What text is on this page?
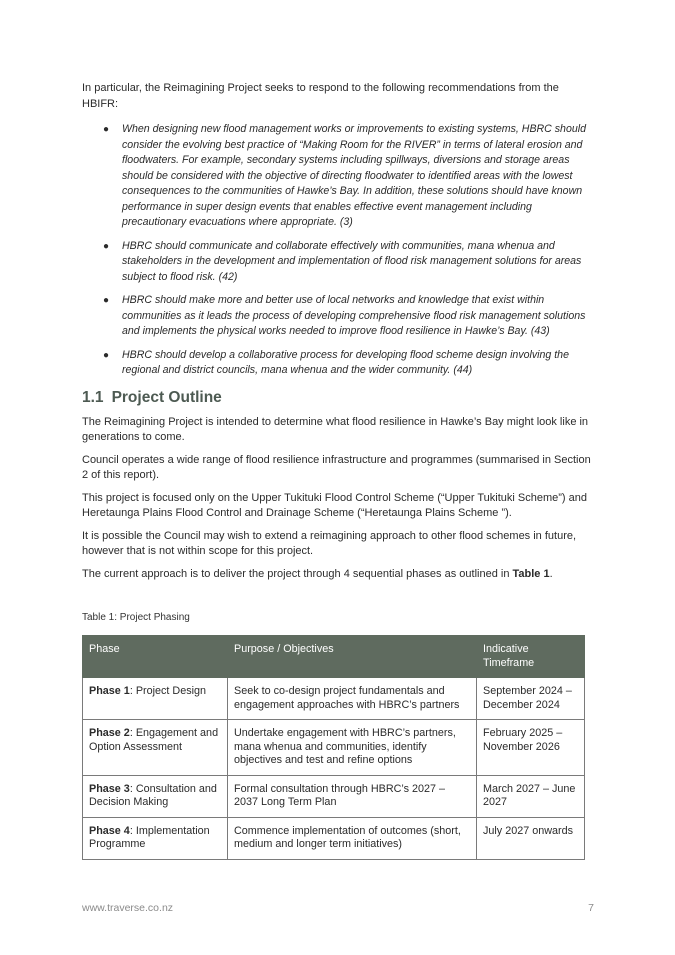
In particular, the Reimagining Project seeks to respond to the following recommendations from the HBIFR:

● When designing new flood management works or improvements to existing systems, HBRC should consider the evolving best practice of “Making Room for the RIVER” in terms of lateral erosion and floodwaters. For example, secondary systems including spillways, diversions and storage areas should be considered with the objective of directing floodwater to identified areas with the lowest consequences to the communities of Hawke’s Bay. In addition, these solutions should have known performance in super design events that enables effective event management including precautionary evacuations where appropriate. (3)
● HBRC should communicate and collaborate effectively with communities, mana whenua and stakeholders in the development and implementation of flood risk management solutions for areas subject to flood risk. (42)
● HBRC should make more and better use of local networks and knowledge that exist within communities as it leads the process of developing comprehensive flood risk management solutions and implements the physical works needed to improve flood resilience in Hawke’s Bay. (43)
● HBRC should develop a collaborative process for developing flood scheme design involving the regional and district councils, mana whenua and the wider community. (44)
1.1 Project Outline

The Reimagining Project is intended to determine what flood resilience in Hawke’s Bay might look like in generations to come.

Council operates a wide range of flood resilience infrastructure and programmes (summarised in Section 2 of this report).

This project is focused only on the Upper Tukituki Flood Control Scheme (“Upper Tukituki Scheme”) and Heretaunga Plains Flood Control and Drainage Scheme (“Heretaunga Plains Scheme ”).

It is possible the Council may wish to extend a reimagining approach to other flood schemes in future, however that is not within scope for this project.

The current approach is to deliver the project through 4 sequential phases as outlined in Table 1.

Table 1: Project Phasing
Phase	Purpose / Objectives	Indicative Timeframe
Phase 1: Project Design	Seek to co-design project fundamentals and engagement approaches with HBRC’s partners	September 2024 – December 2024
Phase 2: Engagement and Option Assessment	Undertake engagement with HBRC’s partners, mana whenua and communities, identify objectives and test and refine options	February 2025 – November 2026
Phase 3: Consultation and Decision Making	Formal consultation through HBRC’s 2027 – 2037 Long Term Plan	March 2027 – June 2027
Phase 4: Implementation Programme	Commence implementation of outcomes (short, medium and longer term initiatives)	July 2027 onwards
www.traverse.co.nz	7
